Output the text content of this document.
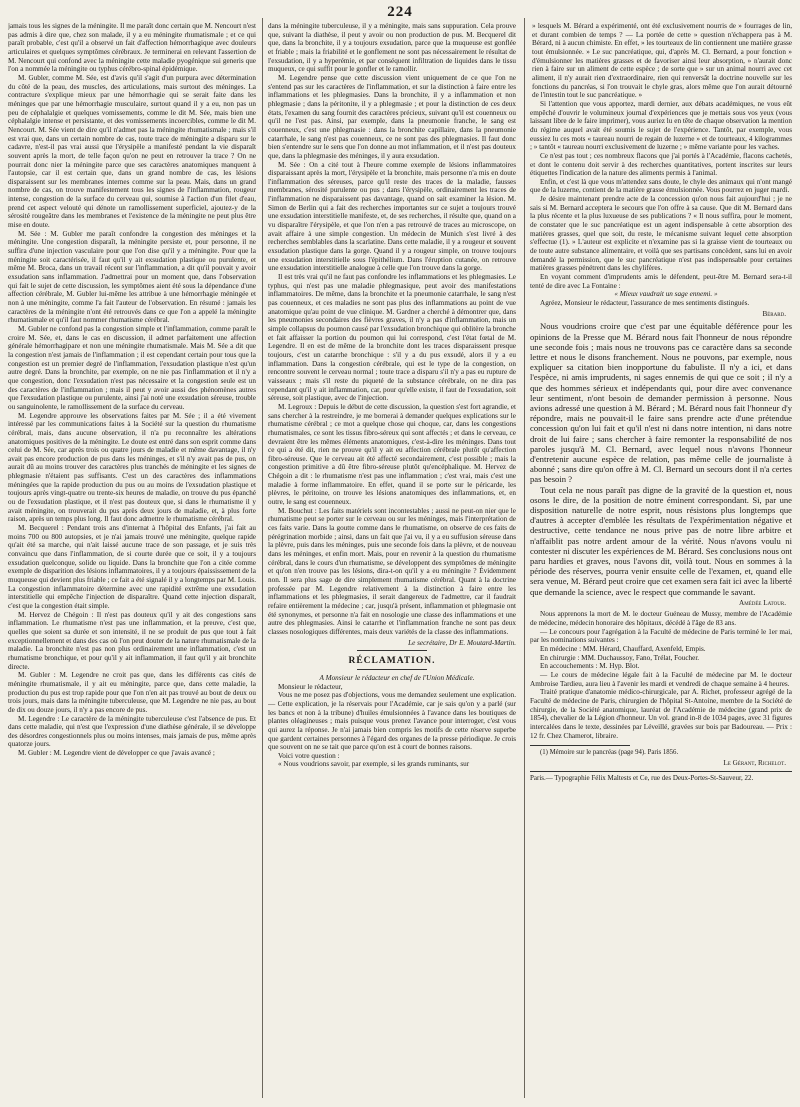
224

jamais tous les signes de la méningite. Il me paraît donc certain que M. Nencourt n'est pas admis à dire que, chez son malade, il y a eu méningite rhumatismale ; et ce qui paraît probable, c'est qu'il a observé un fait d'affection hémorrhagique avec douleurs articulaires et quelques symptômes cérébraux. Je terminerai en relevant l'assertion de M. Nencourt qui confond avec la méningite cette maladie pyogénique sui generis que l'on a nommée la méningite ou typhus cérébro-spinal épidémique.

M. Gubler, comme M. Sée, est d'avis qu'il s'agit d'un purpura avec détermination du côté de la peau, des muscles, des articulations, mais surtout des méninges. La contracture s'explique mieux par une hémorrhagie qui se serait faite dans les méninges que par une hémorrhagie musculaire, surtout quand il y a eu, non pas un peu de céphalalgie et quelques vomissements, comme le dit M. Sée, mais bien une céphalalgie intense et persistante, et des vomissements incoercibles, comme le dit M. Nencourt. M. Sée vient de dire qu'il n'admet pas la méningite rhumatismale ; mais s'il est vrai que, dans un certain nombre de cas, toute trace de méningite a disparu sur le cadavre, n'est-il pas vrai aussi que l'érysipèle a manifesté pendant la vie disparaît souvent après la mort, de telle façon qu'on ne peut en retrouver la trace ? On ne pourrait donc nier la méningite parce que ses caractères anatomiques manquent à l'autopsie, car il est certain que, dans un grand nombre de cas, les lésions disparaissent sur les membranes internes comme sur la peau. Mais, dans un grand nombre de cas, on trouve manifestement tous les signes de l'inflammation, rougeur intense, congestion de la surface du cerveau qui, soumise à l'action d'un filet d'eau, prend cet aspect velouté qui dénote un ramollissement superficiel, ajoutez-y de la sérosité rougeâtre dans les membranes et l'existence de la méningite ne peut plus être mise en doute.

M. Sée : M. Gubler me paraît confondre la congestion des méninges et la méningite. Une congestion disparaît, la méningite persiste et, pour personne, il ne suffira d'une injection vasculaire pour que l'on dise qu'il y a méningite. Pour que la méningite soit caractérisée, il faut qu'il y ait exsudation plastique ou purulente, et même M. Broca, dans un travail récent sur l'inflammation, a dit qu'il pouvait y avoir exsudation sans inflammation. J'admettrai pour un moment que, dans l'observation qui fait le sujet de cette discussion, les symptômes aient été sous la dépendance d'une affection cérébrale, M. Gubler lui-même les attribue à une hémorrhagie méningée et non à une méningite, comme l'a fait l'auteur de l'observation. En résumé : jamais les caractères de la méningite n'ont été retrouvés dans ce que l'on a appelé la méningite rhumatismale et qu'il faut nommer rhumatisme cérébral.

M. Gubler ne confond pas la congestion simple et l'inflammation, comme paraît le croire M. Sée, et, dans le cas en discussion, il admet parfaitement une affection générale hémorrhagipare et non une méningite rhumatismale. Mais M. Sée a dit que la congestion n'est jamais de l'inflammation ; il est cependant certain pour tous que la congestion est un premier degré de l'inflammation, l'exsudation plastique n'est qu'un autre degré. Dans la bronchite, par exemple, on ne nie pas l'inflammation et il n'y a que congestion, donc l'exsudation n'est pas nécessaire et la congestion seule est un des caractères de l'inflammation ; mais il peut y avoir aussi des phénomènes autres que l'exsudation plastique ou purulente, ainsi j'ai noté une exsudation séreuse, trouble ou sanguinolente, le ramollissement de la surface du cerveau.

M. Legendre approuve les observations faites par M. Sée ; il a été vivement intéressé par les communications faites à la Société sur la question du rhumatisme cérébral, mais, dans aucune observation, il n'a pu reconnaître les altérations anatomiques positives de la méningite. Le doute est entré dans son esprit comme dans celui de M. Sée, car après trois ou quatre jours de maladie et même davantage, il n'y avait pas encore production de pus dans les méninges, et s'il n'y avait pas de pus, on aurait dû au moins trouver des caractères plus tranchés de méningite et les signes de phlegmasie n'étaient pas suffisants. C'est un des caractères des inflammations méningées que la rapide production du pus ou au moins de l'exsudation plastique et toujours après vingt-quatre ou trente-six heures de maladie, on trouve du pus épanché ou de l'exsudation plastique, et il n'est pas douteux que, si dans le rhumatisme il y avait méningite, on trouverait du pus après deux jours de maladie, et, à plus forte raison, après un temps plus long. Il faut donc admettre le rhumatisme cérébral.

M. Becquerel : Pendant trois ans d'internat à l'hôpital des Enfants, j'ai fait au moins 700 ou 800 autopsies, et je n'ai jamais trouvé une méningite, quelque rapide qu'ait été sa marche, qui n'ait laissé aucune trace de son passage, et je suis très convaincu que dans l'inflammation, de si courte durée que ce soit, il y a toujours exsudation quelconque, solide ou liquide. Dans la bronchite que l'on a citée comme exemple de disparition des lésions inflammatoires, il y a toujours épaississement de la muqueuse qui devient plus friable ; ce fait a été signalé il y a longtemps par M. Louis. La congestion inflammatoire détermine avec une rapidité extrême une exsudation interstitielle qui empêche l'injection de disparaître. Quand cette injection disparaît, c'est que la congestion était simple.

M. Hervez de Chégoin : Il n'est pas douteux qu'il y ait des congestions sans inflammation. Le rhumatisme n'est pas une inflammation, et la preuve, c'est que, quelles que soient sa durée et son intensité, il ne se produit de pus que tout à fait exceptionnellement et dans des cas où l'on peut douter de la nature rhumatismale de la maladie. La bronchite n'est pas non plus ordinairement une inflammation, c'est un rhumatisme bronchique, et pour qu'il y ait inflammation, il faut qu'il y ait bronchite directe.

M. Gubler : M. Legendre ne croit pas que, dans les différents cas cités de méningite rhumatismale, il y ait eu méningite, parce que, dans cette maladie, la production du pus est trop rapide pour que l'on n'en ait pas trouvé au bout de deux ou trois jours, mais dans la méningite tuberculeuse, que M. Legendre ne nie pas, au bout de dix ou douze jours, il n'y a pas encore de pus.

M. Legendre : Le caractère de la méningite tuberculeuse c'est l'absence de pus. Et dans cette maladie, qui n'est que l'expression d'une diathèse générale, il se développe des désordres congestionnels plus ou moins intenses, mais jamais de pus, même après quatorze jours.

M. Gubler : M. Legendre vient de développer ce que j'avais avancé ;

dans la méningite tuberculeuse, il y a méningite, mais sans suppuration. Cela prouve que, suivant la diathèse, il peut y avoir ou non production de pus. M. Becquerel dit que, dans la bronchite, il y a toujours exsudation, parce que la muqueuse est gonflée et friable ; mais la friabilité et le gonflement ne sont pas nécessairement le résultat de l'exsudation, il y a hyperémie, et par conséquent infiltration de liquides dans le tissu muqueux, ce qui suffit pour le gonfler et le ramollir.

M. Legendre pense que cette discussion vient uniquement de ce que l'on ne s'entend pas sur les caractères de l'inflammation, et sur la distinction à faire entre les inflammations et les phlegmasies. Dans la bronchite, il y a inflammation et non phlegmasie ; dans la péritonite, il y a phlegmasie ; et pour la distinction de ces deux états, l'examen du sang fournit des caractères précieux, suivant qu'il est couenneux ou qu'il ne l'est pas. Ainsi, par exemple, dans la pneumonie franche, le sang est couenneux, c'est une phlegmasie : dans la bronchite capillaire, dans la pneumonie catarrhale, le sang n'est pas couenneux, ce ne sont pas des phlegmasies. Il faut donc bien s'entendre sur le sens que l'on donne au mot inflammation, et il n'est pas douteux que, dans la phlegmasie des méninges, il y aura exsudation.

M. Sée : On a cité tout à l'heure comme exemple de lésions inflammatoires disparaissant après la mort, l'érysipèle et la bronchite, mais personne n'a mis en doute l'inflammation des séreuses, parce qu'il reste des traces de la maladie, fausses membranes, sérosité purulente ou pus ; dans l'érysipèle, ordinairement les traces de l'inflammation ne disparaissent pas davantage, quand on sait examiner la lésion. M. Simon de Berlin qui a fait des recherches importantes sur ce sujet a toujours trouvé une exsudation interstitielle manifeste, et, de ses recherches, il résulte que, quand on a vu disparaître l'érysipèle, et que l'on n'en a pas retrouvé de traces au microscope, on avait affaire à une simple congestion. Un médecin de Munich s'est livré à des recherches semblables dans la scarlatine. Dans cette maladie, il y a rougeur et souvent exsudation plastique dans la gorge. Quand il y a rougeur simple, on trouve toujours une exsudation interstitielle sous l'épithélium. Dans l'éruption cutanée, on retrouve une exsudation interstitielle analogue à celle que l'on trouve dans la gorge.

Il est très vrai qu'il ne faut pas confondre les inflammations et les phlegmasies. Le typhus, qui n'est pas une maladie phlegmasique, peut avoir des manifestations inflammatoires. De même, dans la bronchite et la pneumonie catarrhale, le sang n'est pas couenneux, et ces maladies ne sont pas plus des inflammations au point de vue anatomique qu'au point de vue clinique. M. Gardner a cherché à démontrer que, dans les pneumonies secondaires des fièvres graves, il n'y a pas d'inflammation, mais un simple collapsus du poumon causé par l'exsudation bronchique qui oblitère la bronche et fait affaisser la portion du poumon qui lui correspond, c'est l'état fœtal de M. Legendre. Il en est de même de la bronchite dont les traces disparaissent presque toujours, c'est un catarrhe bronchique : s'il y a du pus exsudé, alors il y a eu inflammation. Dans la congestion cérébrale, qui est le type de la congestion, on rencontre souvent le cerveau normal ; toute trace a disparu s'il n'y a pas eu rupture de vaisseaux ; mais s'il reste du piqueté de la substance cérébrale, on ne dira pas cependant qu'il y ait inflammation, car, pour qu'elle existe, il faut de l'exsudation, soit séreuse, soit plastique, avec de l'injection.

M. Legroux : Depuis le début de cette discussion, la question s'est fort agrandie, et sans chercher à la restreindre, je me bornerai à demander quelques explications sur le rhumatisme cérébral ; ce mot a quelque chose qui choque, car, dans les congestions rhumatismales, ce sont les tissus fibro-séreux qui sont affectés ; et dans le cerveau, ce devraient être les mêmes éléments anatomiques, c'est-à-dire les méninges. Dans tout ce qui a été dit, rien ne prouve qu'il y ait eu affection cérébrale plutôt qu'affection fibro-séreuse. Que le cerveau ait été affecté secondairement, c'est possible ; mais la congestion primitive a dû être fibro-séreuse plutôt qu'encéphalique. M. Hervez de Chégoin a dit : le rhumatisme n'est pas une inflammation ; c'est vrai, mais c'est une maladie à forme inflammatoire. En effet, quand il se porte sur le péricarde, les plèvres, le péritoine, on trouve les lésions anatomiques des inflammations, et, en outre, le sang est couenneux.

M. Bouchut : Les faits matériels sont incontestables ; aussi ne peut-on nier que le rhumatisme peut se porter sur le cerveau ou sur les méninges, mais l'interprétation de ces faits varie. Dans la goutte comme dans le rhumatisme, on observe de ces faits de pérégrination morbide ; ainsi, dans un fait que j'ai vu, il y a eu suffusion séreuse dans la plèvre, puis dans les méninges, puis une seconde fois dans la plèvre, et de nouveau dans les méninges, et enfin mort. Mais, pour en revenir à la question du rhumatisme cérébral, dans le cours d'un rhumatisme, se développent des symptômes de méningite et qu'on n'en trouve pas les lésions, dira-t-on qu'il y a eu méningite ? Évidemment non. Il sera plus sage de dire simplement rhumatisme cérébral. Quant à la doctrine professée par M. Legendre relativement à la distinction à faire entre les inflammations et les phlegmasies, il serait dangereux de l'admettre, car il faudrait refaire entièrement la médecine ; car, jusqu'à présent, inflammation et phlegmasie ont été synonymes, et personne n'a fait en nosologie une classe des inflammations et une autre des phlegmasies. Ainsi le catarrhe et l'inflammation franche ne sont pas deux classes nosologiques différentes, mais deux variétés de la classe des inflammations.

Le secrétaire, Dr E. Moutard-Martin.
RÉCLAMATION.

A Monsieur le rédacteur en chef de l'Union Médicale.

Monsieur le rédacteur,

Vous ne me posez pas d'objections, vous me demandez seulement une explication. — Cette explication, je la réservais pour l'Académie, car je sais qu'on y a parlé (sur les bancs et non à la tribune) d'huiles émulsionnées à l'avance dans les boutiques de plantes oléagineuses ; mais puisque vous prenez l'avance pour interroger, c'est vous qui aurez la réponse. Je n'ai jamais bien compris les motifs de cette réserve superbe que gardent certaines personnes à l'égard des organes de la presse périodique. Je crois que souvent on ne se tait que parce qu'on est à court de bonnes raisons.

Voici votre question :

« Nous voudrions savoir, par exemple, si les grands ruminants, sur

» lesquels M. Bérard a expérimenté, ont été exclusivement nourris de » fourrages de lin, et durant combien de temps ? — La portée de cette » question n'échappera pas à M. Bérard, ni à aucun chimiste. En effet, » les tourteaux de lin contiennent une matière grasse tout émulsionnée. » Le suc pancréatique, qui, d'après M. Cl. Bernard, a pour fonction » d'émulsionner les matières grasses et de favoriser ainsi leur absorption, » n'aurait donc rien à faire sur un aliment de cette espèce ; de sorte que » sur un animal nourri avec cet aliment, il n'y aurait rien d'extraordinaire, rien qui renversât la doctrine nouvelle sur les fonctions du pancréas, si l'on trouvait le chyle gras, alors même que l'on aurait détourné de l'intestin tout le suc pancréatique. »

Si l'attention que vous apportez, mardi dernier, aux débats académiques, ne vous eût empêché d'ouvrir le volumineux journal d'expériences que je mettais sous vos yeux (vous laissant libre de le faire imprimer), vous auriez lu en tête de chaque observation la mention du régime auquel avait été soumis le sujet de l'expérience. Tantôt, par exemple, vous eussiez lu ces mots « taureau nourri de regain de luzerne » et de tourteaux, 4 kilogrammes ; » tantôt « taureau nourri exclusivement de luzerne ; » même variante pour les vaches.

Ce n'est pas tout ; ces nombreux flacons que j'ai portés à l'Académie, flacons cachetés, et dont le contenu doit servir à des recherches quantitatives, portent inscrites sur leurs étiquettes l'indication de la nature des aliments permis à l'animal.

Enfin, et c'est là que vous m'attendez sans doute, le chyle des animaux qui n'ont mangé que de la luzerne, contient de la matière grasse émulsionnée. Vous pourrez en juger mardi.

Je désire maintenant prendre acte de la concession qu'on nous fait aujourd'hui ; je ne sais si M. Bernard acceptera le secours que l'on offre à sa cause. Que dit M. Bernard dans la plus récente et la plus luxueuse de ses publications ? « Il nous suffira, pour le moment, de constater que le suc pancréatique est un agent indispensable à cette absorption des matières grasses, quel que soit, du reste, le mécanisme suivant lequel cette absorption s'effectue (1). » L'auteur est explicite et n'examine pas si la graisse vient de tourteaux ou de toute autre substance alimentaire, et voilà que ses partisans concèdent, sans lui en avoir demandé la permission, que le suc pancréatique n'est pas indispensable pour certaines matières grasses pénétrent dans les chylifères.

En voyant comment d'imprudents amis le défendent, peut-être M. Bernard sera-t-il tenté de dire avec La Fontaine :

« Mieux vaudrait un sage ennemi. »

Agréez, Monsieur le rédacteur, l'assurance de mes sentiments distingués.

Bérard.

Nous voudrions croire que c'est par une équitable déférence pour les opinions de la Presse que M. Bérard nous fait l'honneur de nous répondre une seconde fois ; mais nous ne trouvons pas ce caractère dans sa seconde lettre et nous le disons franchement. Nous ne pouvons, par exemple, nous expliquer sa citation bien inopportune du fabuliste. Il n'y a ici, et dans l'espèce, ni amis imprudents, ni sages ennemis de qui que ce soit ; il n'y a que des hommes sérieux et indépendants qui, pour dire avec convenance leur sentiment, n'ont besoin de demander permission à personne. Nous avions adressé une question à M. Bérard ; M. Bérard nous fait l'honneur d'y répondre, mais ne pouvait-il le faire sans prendre acte d'une prétendue concession qu'on lui fait et qu'il n'est ni dans notre intention, ni dans notre droit de lui faire ; sans chercher à faire remonter la responsabilité de nos paroles jusqu'à M. Cl. Bernard, avec lequel nous n'avons l'honneur d'entretenir aucune espèce de relation, pas même celle de journaliste à abonné ; sans dire qu'on offre à M. Cl. Bernard un secours dont il n'a certes pas besoin ?

Tout cela ne nous paraît pas digne de la gravité de la question et, nous osons le dire, de la position de notre éminent correspondant. Si, par une disposition naturelle de notre esprit, nous résistons plus longtemps que d'autres à accepter d'emblée les résultats de l'expérimentation négative et destructive, cette tendance ne nous prive pas de notre libre arbitre et n'affaiblit pas notre ardent amour de la vérité. Nous n'avons voulu ni contester ni discuter les expériences de M. Bérard. Ses conclusions nous ont paru hardies et graves, nous l'avons dit, voilà tout. Nous en sommes à la période des réserves, pourra venir ensuite celle de l'examen, et, quand elle sera venue, M. Bérard peut croire que cet examen sera fait ici avec la liberté que demande la science, avec le respect que commande le savant.

Amédée Latour.

Nous apprenons la mort de M. le docteur Guéneau de Mussy, membre de l'Académie de médecine, médecin honoraire des hôpitaux, décédé à l'âge de 83 ans.

— Le concours pour l'agrégation à la Faculté de médecine de Paris terminé le 1er mai, par les nominations suivantes :

En médecine : MM. Hérard, Chauffard, Axenfeld, Empis.

En chirurgie : MM. Duchaussoy, Fano, Trélat, Foucher.

En accouchements : M. Hyp. Blot.

— Le cours de médecine légale fait à la Faculté de médecine par M. le docteur Ambroise Tardieu, aura lieu à l'avenir les mardi et vendredi de chaque semaine à 4 heures.

Traité pratique d'anatomie médico-chirurgicale, par A. Richet, professeur agrégé de la Faculté de médecine de Paris, chirurgien de l'hôpital St-Antoine, membre de la Société de chirurgie, de la Société anatomique, lauréat de l'Académie de médecine (grand prix de 1854), chevalier de la Légion d'honneur. Un vol. grand in-8 de 1034 pages, avec 31 figures intercalées dans le texte, dessinées par Léveillé, gravées sur bois par Badoureau. — Prix : 12 fr. Chez Chamerot, libraire.

(1) Mémoire sur le pancréas (page 94). Paris 1856.

Le Gérant, Richelot.

Paris.— Typographie Félix Maltests et Ce, rue des Deux-Portes-St-Sauveur, 22.
